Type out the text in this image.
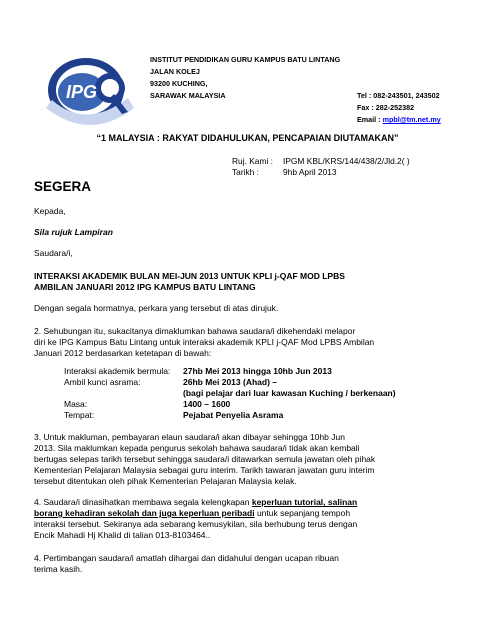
IPG
INSTITUT PENDIDIKAN GURU KAMPUS BATU LINTANG
JALAN KOLEJ
93200 KUCHING,
SARAWAK MALAYSIA	Tel : 082-243501, 243502
Fax : 282-252382
Email : mpbl@tm.net.my
“1 MALAYSIA : RAKYAT DIDAHULUKAN, PENCAPAIAN DIUTAMAKAN”
Ruj. Kami : IPGM KBL/KRS/144/438/2/Jld.2( )
Tarikh :	9hb April 2013
SEGERA
Kepada,
Sila rujuk Lampiran
Saudara/i,
INTERAKSI AKADEMIK BULAN MEI-JUN 2013 UNTUK KPLI j-QAF MOD LPBS
AMBILAN JANUARI 2012 IPG KAMPUS BATU LINTANG
Dengan segala hormatnya, perkara yang tersebut di atas dirujuk.
2. Sehubungan itu, sukacitanya dimaklumkan bahawa saudara/i dikehendaki melapor
diri ke IPG Kampus Batu Lintang untuk interaksi akademik KPLI j-QAF Mod LPBS Ambilan
Januari 2012 berdasarkan ketetapan di bawah:
Interaksi akademik bermula: 27hb Mei 2013 hingga 10hb Jun 2013
Ambil kunci asrama:	26hb Mei 2013 (Ahad) –
(bagi pelajar dari luar kawasan Kuching / berkenaan)
Masa:	1400 – 1600
Tempat:	Pejabat Penyelia Asrama
3. Untuk makluman, pembayaran elaun saudara/i akan dibayar sehingga 10hb Jun
2013. Sila maklumkan kepada pengurus sekolah bahawa saudara/i tidak akan kembali
bertugas selepas tarikh tersebut sehingga saudara/i ditawarkan semula jawatan oleh pihak
Kementerian Pelajaran Malaysia sebagai guru interim. Tarikh tawaran jawatan guru interim
tersebut ditentukan oleh pihak Kementerian Pelajaran Malaysia kelak.
4. Saudara/i dinasihatkan membawa segala kelengkapan keperluan tutorial, salinan
borang kehadiran sekolah dan juga keperluan peribadi untuk sepanjang tempoh
interaksi tersebut. Sekiranya ada sebarang kemusykilan, sila berhubung terus dengan
Encik Mahadi Hj Khalid di talian 013-8103464..
4. Pertimbangan saudara/i amatlah dihargai dan didahului dengan ucapan ribuan
terima kasih.
